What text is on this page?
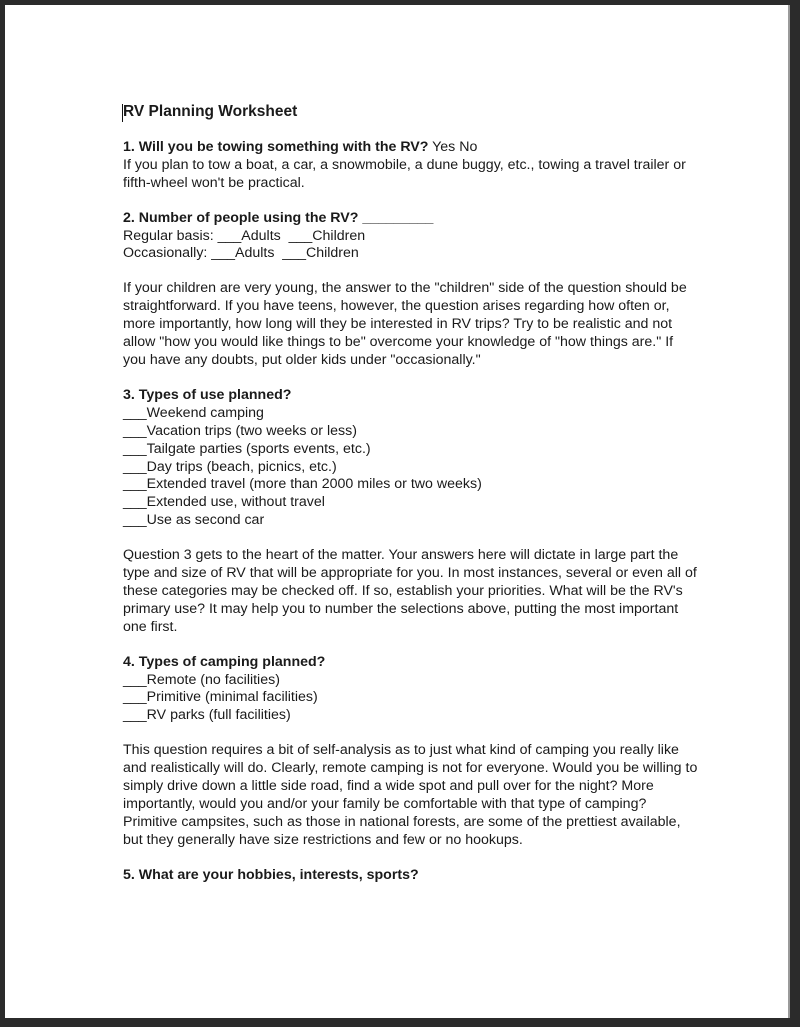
RV Planning Worksheet
1. Will you be towing something with the RV? Yes No

If you plan to tow a boat, a car, a snowmobile, a dune buggy, etc., towing a travel trailer or fifth-wheel won't be practical.

2. Number of people using the RV? _________
Regular basis: ___Adults  ___Children
Occasionally: ___Adults  ___Children

If your children are very young, the answer to the "children" side of the question should be straightforward. If you have teens, however, the question arises regarding how often or, more importantly, how long will they be interested in RV trips? Try to be realistic and not allow "how you would like things to be" overcome your knowledge of "how things are." If you have any doubts, put older kids under "occasionally."

3. Types of use planned?
___Weekend camping
___Vacation trips (two weeks or less)
___Tailgate parties (sports events, etc.)
___Day trips (beach, picnics, etc.)
___Extended travel (more than 2000 miles or two weeks)
___Extended use, without travel
___Use as second car

Question 3 gets to the heart of the matter. Your answers here will dictate in large part the type and size of RV that will be appropriate for you. In most instances, several or even all of these categories may be checked off. If so, establish your priorities. What will be the RV's primary use? It may help you to number the selections above, putting the most important one first.

4. Types of camping planned?
___Remote (no facilities)
___Primitive (minimal facilities)
___RV parks (full facilities)

This question requires a bit of self-analysis as to just what kind of camping you really like and realistically will do. Clearly, remote camping is not for everyone. Would you be willing to simply drive down a little side road, find a wide spot and pull over for the night? More importantly, would you and/or your family be comfortable with that type of camping? Primitive campsites, such as those in national forests, are some of the prettiest available, but they generally have size restrictions and few or no hookups.

5. What are your hobbies, interests, sports?
